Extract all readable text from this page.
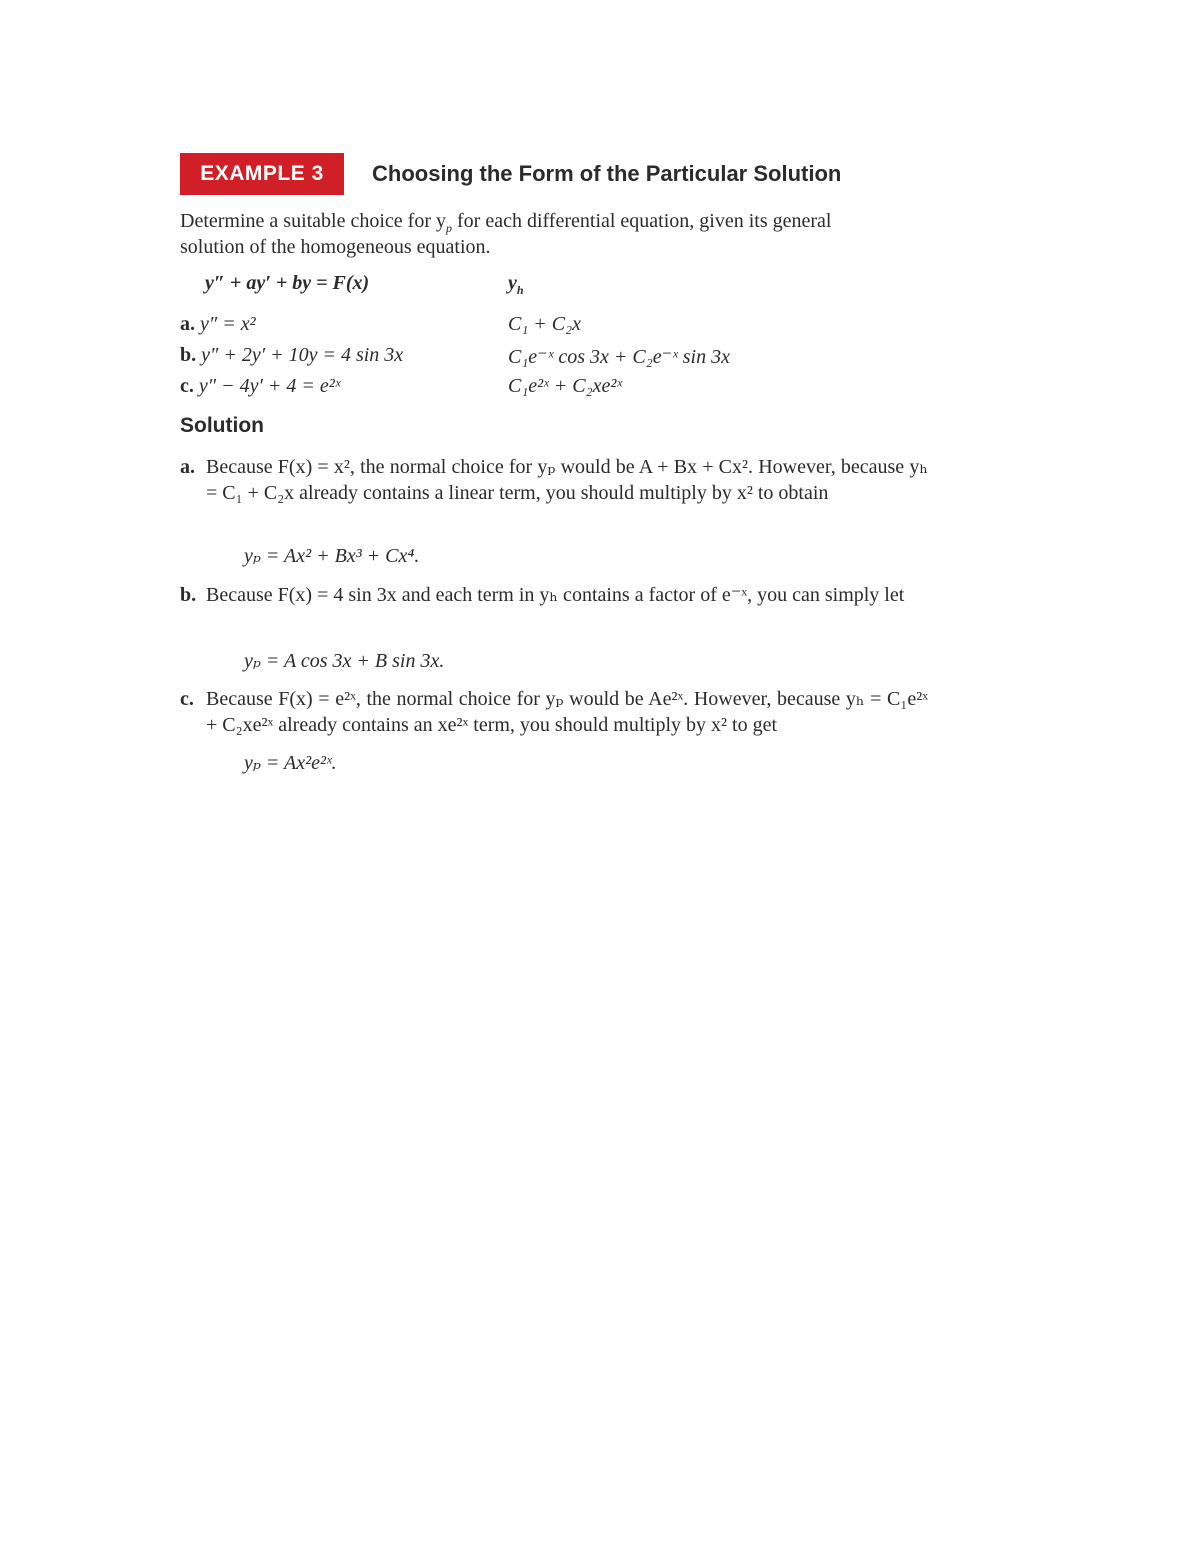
EXAMPLE 3	Choosing the Form of the Particular Solution
Determine a suitable choice for $y_p$ for each differential equation, given its general
solution of the homogeneous equation.
y″ + ay′ + by = F(x)	$y_h$
a. y″ = x²	C₁ + C₂x
b. y″ + 2y′ + 10y = 4 sin 3x	C₁e⁻ˣ cos 3x + C₂e⁻ˣ sin 3x
c. y″ − 4y′ + 4 = e²ˣ	C₁e²ˣ + C₂xe²ˣ
Solution
a. Because F(x) = x², the normal choice for yₚ would be A + Bx + Cx². However, because yₕ = C₁ + C₂x already contains a linear term, you should multiply by x² to obtain
yₚ = Ax² + Bx³ + Cx⁴.
b. Because F(x) = 4 sin 3x and each term in yₕ contains a factor of e⁻ˣ, you can simply let
yₚ = A cos 3x + B sin 3x.
c. Because F(x) = e²ˣ, the normal choice for yₚ would be Ae²ˣ. However, because yₕ = C₁e²ˣ + C₂xe²ˣ already contains an xe²ˣ term, you should multiply by x² to get
yₚ = Ax²e²ˣ.
